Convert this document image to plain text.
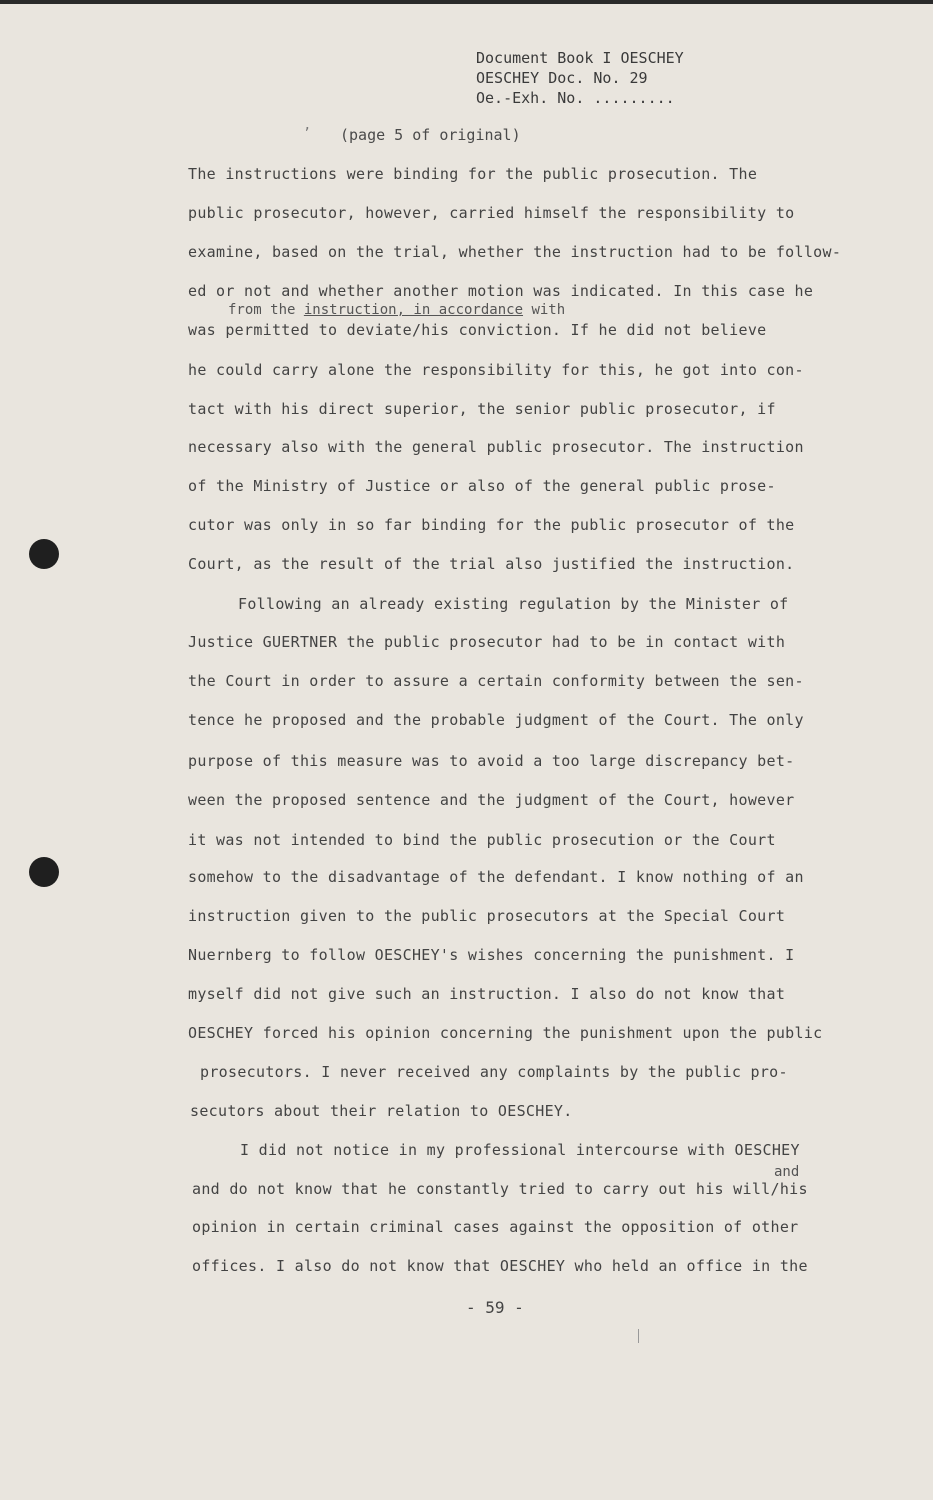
Document Book I OESCHEY
OESCHEY Doc. No. 29
Oe.-Exh. No. .........
’ (page 5 of original)
from the instruction, in accordance with
and
The instructions were binding for the public prosecution. The
public prosecutor, however, carried himself the responsibility to
examine, based on the trial, whether the instruction had to be follow-
ed or not and whether another motion was indicated. In this case he
was permitted to deviate/his conviction. If he did not believe
he could carry alone the responsibility for this, he got into con-
tact with his direct superior, the senior public prosecutor, if
necessary also with the general public prosecutor. The instruction
of the Ministry of Justice or also of the general public prose-
cutor was only in so far binding for the public prosecutor of the
Court, as the result of the trial also justified the instruction.
Following an already existing regulation by the Minister of
Justice GUERTNER the public prosecutor had to be in contact with
the Court in order to assure a certain conformity between the sen-
tence he proposed and the probable judgment of the Court. The only
purpose of this measure was to avoid a too large discrepancy bet-
ween the proposed sentence and the judgment of the Court, however
it was not intended to bind the public prosecution or the Court
somehow to the disadvantage of the defendant. I know nothing of an
instruction given to the public prosecutors at the Special Court
Nuernberg to follow OESCHEY's wishes concerning the punishment. I
myself did not give such an instruction. I also do not know that
OESCHEY forced his opinion concerning the punishment upon the public
prosecutors. I never received any complaints by the public pro-
secutors about their relation to OESCHEY.
I did not notice in my professional intercourse with OESCHEY
and do not know that he constantly tried to carry out his will/his
opinion in certain criminal cases against the opposition of other
offices. I also do not know that OESCHEY who held an office in the
- 59 -
